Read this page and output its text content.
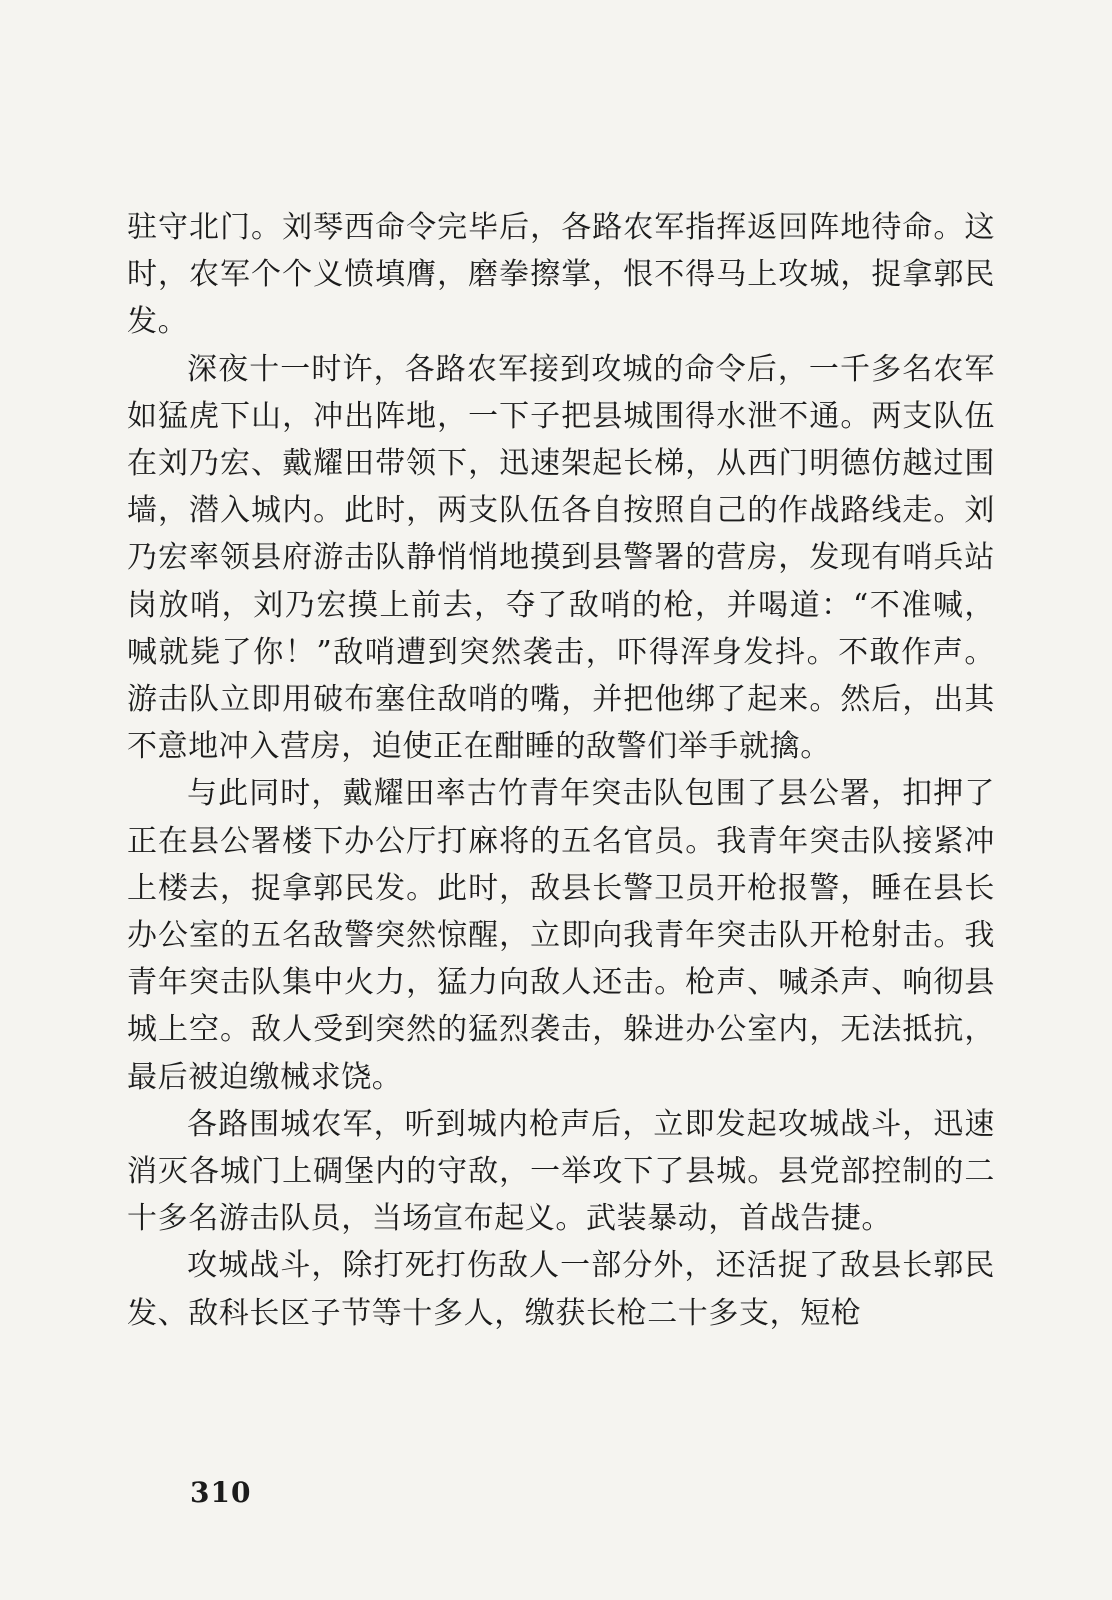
驻守北门。刘琴西命令完毕后，各路农军指挥返回阵地待命。这时，农军个个义愤填膺，磨拳擦掌，恨不得马上攻城，捉拿郭民发。

深夜十一时许，各路农军接到攻城的命令后，一千多名农军如猛虎下山，冲出阵地，一下子把县城围得水泄不通。两支队伍在刘乃宏、戴耀田带领下，迅速架起长梯，从西门明德仿越过围墙，潜入城内。此时，两支队伍各自按照自己的作战路线走。刘乃宏率领县府游击队静悄悄地摸到县警署的营房，发现有哨兵站岗放哨，刘乃宏摸上前去，夺了敌哨的枪，并喝道：“不准喊，喊就毙了你！”敌哨遭到突然袭击，吓得浑身发抖。不敢作声。游击队立即用破布塞住敌哨的嘴，并把他绑了起来。然后，出其不意地冲入营房，迫使正在酣睡的敌警们举手就擒。

与此同时，戴耀田率古竹青年突击队包围了县公署，扣押了正在县公署楼下办公厅打麻将的五名官员。我青年突击队接紧冲上楼去，捉拿郭民发。此时，敌县长警卫员开枪报警，睡在县长办公室的五名敌警突然惊醒，立即向我青年突击队开枪射击。我青年突击队集中火力，猛力向敌人还击。枪声、喊杀声、响彻县城上空。敌人受到突然的猛烈袭击，躲进办公室内，无法抵抗，最后被迫缴械求饶。

各路围城农军，听到城内枪声后，立即发起攻城战斗，迅速消灭各城门上碉堡内的守敌，一举攻下了县城。县党部控制的二十多名游击队员，当场宣布起义。武装暴动，首战告捷。

攻城战斗，除打死打伤敌人一部分外，还活捉了敌县长郭民发、敌科长区子节等十多人，缴获长枪二十多支，短枪

310
